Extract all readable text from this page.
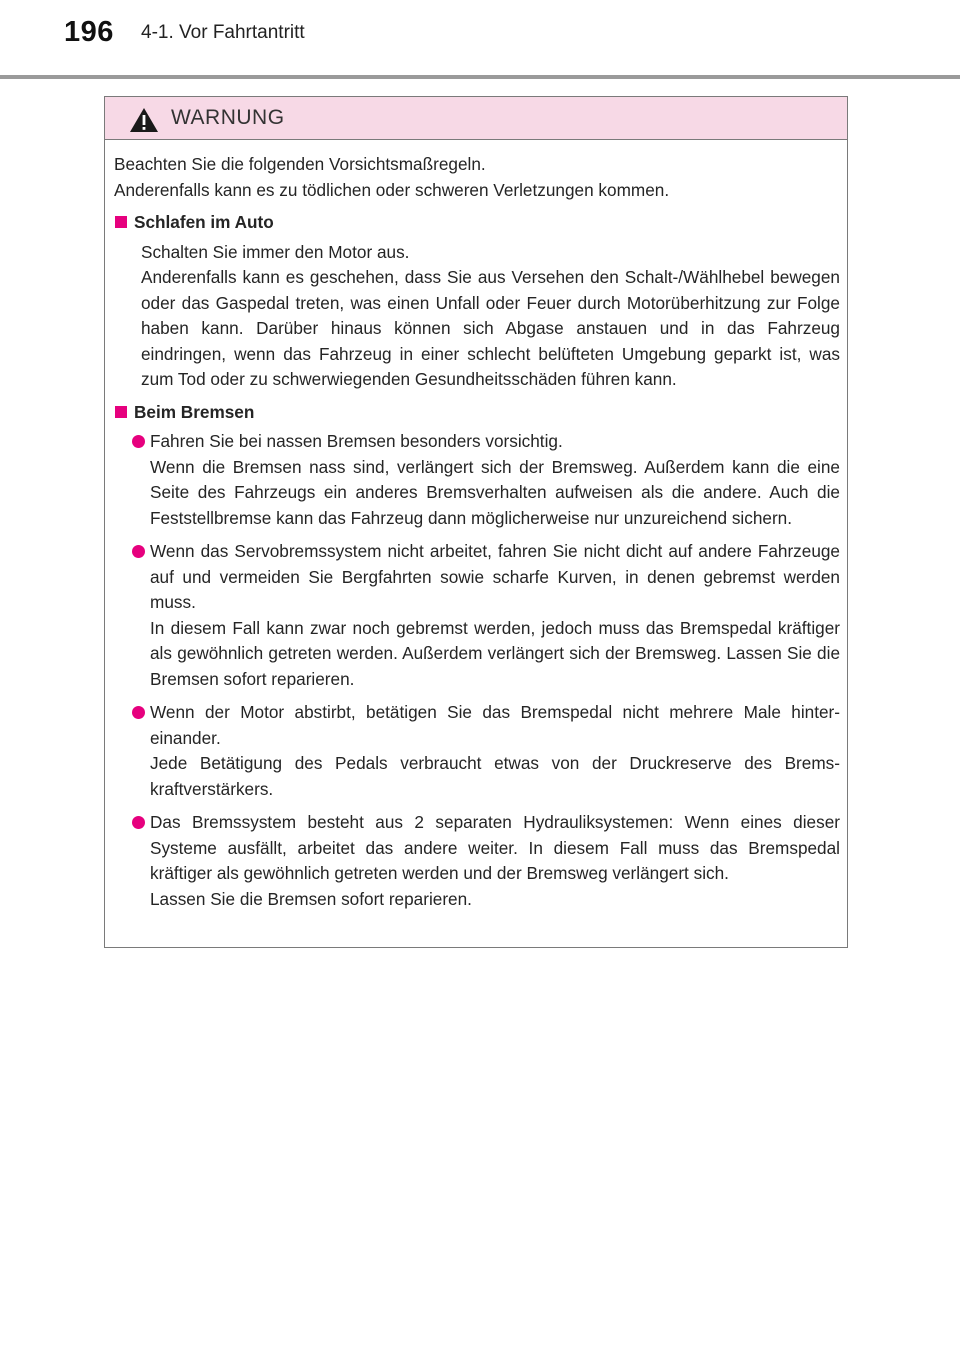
196 4-1. Vor Fahrtantritt
WARNUNG
Beachten Sie die folgenden Vorsichtsmaßregeln.
Anderenfalls kann es zu tödlichen oder schweren Verletzungen kommen.
Schlafen im Auto

Schalten Sie immer den Motor aus.

Anderenfalls kann es geschehen, dass Sie aus Versehen den Schalt-/Wählhebel bewegen oder das Gaspedal treten, was einen Unfall oder Feuer durch Motorüberhitzung zur Folge haben kann. Darüber hinaus können sich Abgase anstauen und in das Fahrzeug eindringen, wenn das Fahrzeug in einer schlecht belüfteten Umgebung geparkt ist, was zum Tod oder zu schwerwiegenden Gesundheitsschäden führen kann.

Beim Bremsen

Fahren Sie bei nassen Bremsen besonders vorsichtig.

Wenn die Bremsen nass sind, verlängert sich der Bremsweg. Außerdem kann die eine Seite des Fahrzeugs ein anderes Bremsverhalten aufweisen als die andere. Auch die Feststellbremse kann das Fahrzeug dann möglicherweise nur unzureichend sichern.

Wenn das Servobremssystem nicht arbeitet, fahren Sie nicht dicht auf andere Fahrzeuge auf und vermeiden Sie Bergfahrten sowie scharfe Kurven, in denen gebremst werden muss.

In diesem Fall kann zwar noch gebremst werden, jedoch muss das Bremspedal kräftiger als gewöhnlich getreten werden. Außerdem verlängert sich der Bremsweg. Lassen Sie die Bremsen sofort reparieren.

Wenn der Motor abstirbt, betätigen Sie das Bremspedal nicht mehrere Male hintereinander.

Jede Betätigung des Pedals verbraucht etwas von der Druckreserve des Bremskraftverstärkers.

Das Bremssystem besteht aus 2 separaten Hydrauliksystemen: Wenn eines dieser Systeme ausfällt, arbeitet das andere weiter. In diesem Fall muss das Bremspedal kräftiger als gewöhnlich getreten werden und der Bremsweg verlängert sich.

Lassen Sie die Bremsen sofort reparieren.
